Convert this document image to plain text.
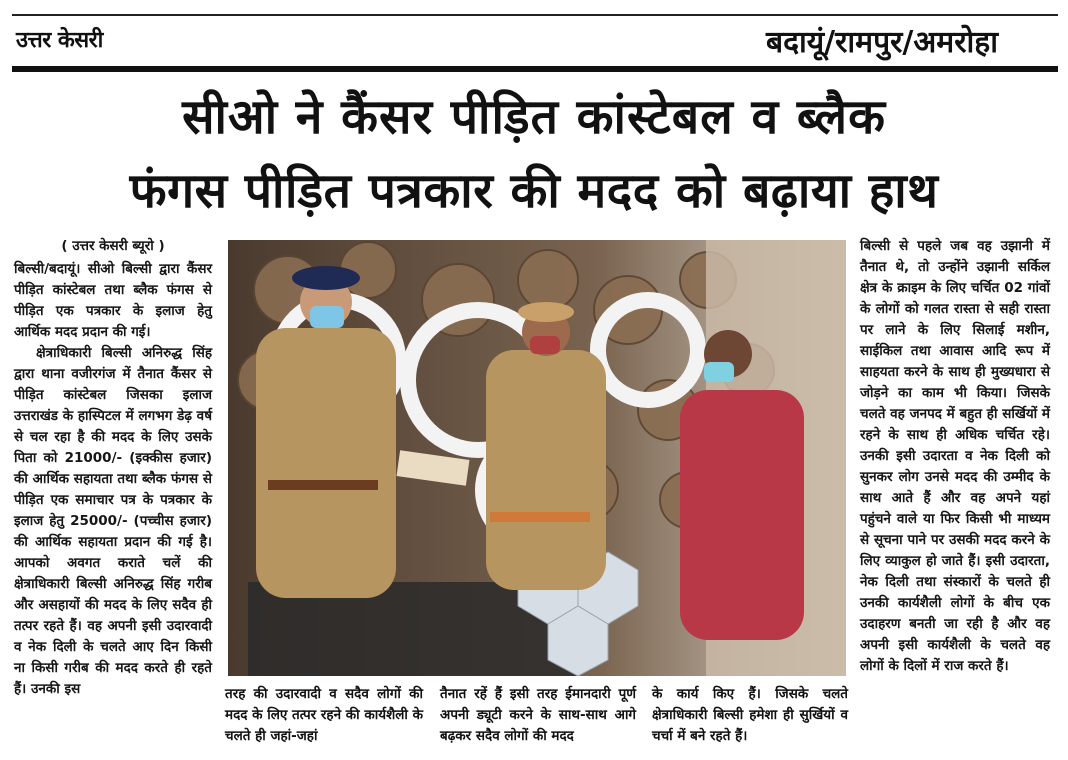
उत्तर केसरी	बदायूं/रामपुर/अमरोहा
सीओ ने कैंसर पीड़ित कांस्टेबल व ब्लैक
फंगस पीड़ित पत्रकार की मदद को बढ़ाया हाथ

( उत्तर केसरी ब्यूरो )

बिल्सी/बदायूं। सीओ बिल्सी द्वारा कैंसर पीड़ित कांस्टेबल तथा ब्लैक फंगस से पीड़ित एक पत्रकार के इलाज हेतु आर्थिक मदद प्रदान की गई।

क्षेत्राधिकारी बिल्सी अनिरुद्ध सिंह द्वारा थाना वजीरगंज में तैनात कैंसर से पीड़ित कांस्टेबल जिसका इलाज उत्तराखंड के हास्पिटल में लगभग डेढ़ वर्ष से चल रहा है की मदद के लिए उसके पिता को 21000/- (इक्कीस हजार) की आर्थिक सहायता तथा ब्लैक फंगस से पीड़ित एक समाचार पत्र के पत्रकार के इलाज हेतु 25000/- (पच्चीस हजार) की आर्थिक सहायता प्रदान की गई है। आपको अवगत कराते चलें की क्षेत्राधिकारी बिल्सी अनिरुद्ध सिंह गरीब और असहायों की मदद के लिए सदैव ही तत्पर रहते हैं। वह अपनी इसी उदारवादी व नेक दिली के चलते आए दिन किसी ना किसी गरीब की मदद करते ही रहते हैं। उनकी इस

बिल्सी से पहले जब वह उझानी में तैनात थे, तो उन्होंने उझानी सर्किल क्षेत्र के क्राइम के लिए चर्चित 02 गांवों के लोगों को गलत रास्ता से सही रास्ता पर लाने के लिए सिलाई मशीन, साईकिल तथा आवास आदि रूप में साहयता करने के साथ ही मुख्यधारा से जोड़ने का काम भी किया। जिसके चलते वह जनपद में बहुत ही सर्खियों में रहने के साथ ही अधिक चर्चित रहे। उनकी इसी उदारता व नेक दिली को सुनकर लोग उनसे मदद की उम्मीद के साथ आते हैं और वह अपने यहां पहुंचने वाले या फिर किसी भी माध्यम से सूचना पाने पर उसकी मदद करने के लिए व्याकुल हो जाते हैं। इसी उदारता, नेक दिली तथा संस्कारों के चलते ही उनकी कार्यशैली लोगों के बीच एक उदाहरण बनती जा रही है और वह अपनी इसी कार्यशैली के चलते वह लोगों के दिलों में राज करते हैं।
तरह की उदारवादी व सदैव लोगों की मदद के लिए तत्पर रहने की कार्यशैली के चलते ही जहां-जहां
तैनात रहें हैं इसी तरह ईमानदारी पूर्ण अपनी ड्यूटी करने के साथ-साथ आगे बढ़कर सदैव लोगों की मदद
के कार्य किए हैं। जिसके चलते क्षेत्राधिकारी बिल्सी हमेशा ही सुर्खियों व चर्चा में बने रहते हैं।
